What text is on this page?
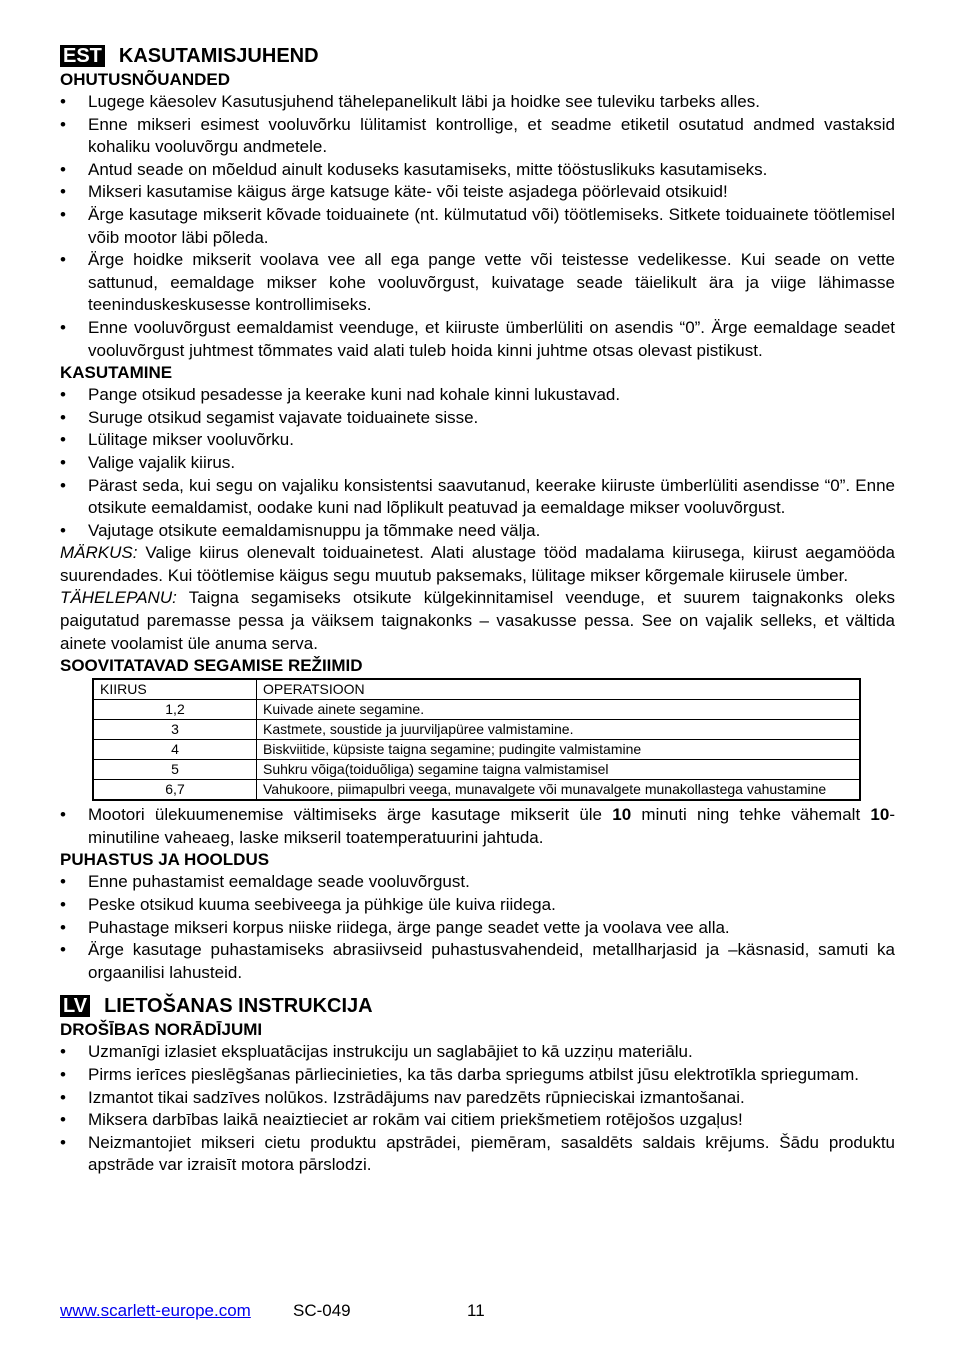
EST KASUTAMISJUHEND
OHUTUSNÕUANDED
• Lugege käesolev Kasutusjuhend tähelepanelikult läbi ja hoidke see tuleviku tarbeks alles.
• Enne mikseri esimest vooluvõrku lülitamist kontrollige, et seadme etiketil osutatud andmed vastaksid kohaliku vooluvõrgu andmetele.
• Antud seade on mõeldud ainult koduseks kasutamiseks, mitte tööstuslikuks kasutamiseks.
• Mikseri kasutamise käigus ärge katsuge käte- või teiste asjadega pöörlevaid otsikuid!
• Ärge kasutage mikserit kõvade toiduainete (nt. külmutatud või) töötlemiseks. Sitkete toiduainete töötlemisel võib mootor läbi põleda.
• Ärge hoidke mikserit voolava vee all ega pange vette või teistesse vedelikesse. Kui seade on vette sattunud, eemaldage mikser kohe vooluvõrgust, kuivatage seade täielikult ära ja viige lähimasse teeninduskeskusesse kontrollimiseks.
• Enne vooluvõrgust eemaldamist veenduge, et kiiruste ümberlüliti on asendis “0”. Ärge eemaldage seadet vooluvõrgust juhtmest tõmmates vaid alati tuleb hoida kinni juhtme otsas olevast pistikust.
KASUTAMINE
• Pange otsikud pesadesse ja keerake kuni nad kohale kinni lukustavad.
• Suruge otsikud segamist vajavate toiduainete sisse.
• Lülitage mikser vooluvõrku.
• Valige vajalik kiirus.
• Pärast seda, kui segu on vajaliku konsistentsi saavutanud, keerake kiiruste ümberlüliti asendisse “0”. Enne otsikute eemaldamist, oodake kuni nad lõplikult peatuvad ja eemaldage mikser vooluvõrgust.
• Vajutage otsikute eemaldamisnuppu ja tõmmake need välja.

MÄRKUS: Valige kiirus olenevalt toiduainetest. Alati alustage tööd madalama kiirusega, kiirust aegamööda suurendades. Kui töötlemise käigus segu muutub paksemaks, lülitage mikser kõrgemale kiirusele ümber.

TÄHELEPANU: Taigna segamiseks otsikute külgekinnitamisel veenduge, et suurem taignakonks oleks paigutatud paremasse pessa ja väiksem taignakonks – vasakusse pessa. See on vajalik selleks, et vältida ainete voolamist üle anuma serva.

SOOVITATAVAD SEGAMISE REŽIIMID
KIIRUS	OPERATSIOON
1,2	Kuivade ainete segamine.
3	Kastmete, soustide ja juurviljapüree valmistamine.
4	Biskviitide, küpsiste taigna segamine; pudingite valmistamine
5	Suhkru võiga(toiduõliga) segamine taigna valmistamisel
6,7	Vahukoore, piimapulbri veega, munavalgete või munavalgete munakollastega vahustamine
• Mootori ülekuumenemise vältimiseks ärge kasutage mikserit üle 10 minuti ning tehke vähemalt 10-minutiline vaheaeg, laske mikseril toatemperatuurini jahtuda.
PUHASTUS JA HOOLDUS
• Enne puhastamist eemaldage seade vooluvõrgust.
• Peske otsikud kuuma seebiveega ja pühkige üle kuiva riidega.
• Puhastage mikseri korpus niiske riidega, ärge pange seadet vette ja voolava vee alla.
• Ärge kasutage puhastamiseks abrasiivseid puhastusvahendeid, metallharjasid ja –käsnasid, samuti ka orgaanilisi lahusteid.
LV LIETOŠANAS INSTRUKCIJA
DROŠĪBAS NORĀDĪJUMI
• Uzmanīgi izlasiet ekspluatācijas instrukciju un saglabājiet to kā uzziņu materiālu.
• Pirms ierīces pieslēgšanas pārliecinieties, ka tās darba spriegums atbilst jūsu elektrotīkla spriegumam.
• Izmantot tikai sadzīves nolūkos. Izstrādājums nav paredzēts rūpnieciskai izmantošanai.
• Miksera darbības laikā neaiztieciet ar rokām vai citiem priekšmetiem rotējošos uzgaļus!
• Neizmantojiet mikseri cietu produktu apstrādei, piemēram, sasaldēts saldais krējums. Šādu produktu apstrāde var izraisīt motora pārslodzi.
www.scarlett-europe.com SC-049	11
